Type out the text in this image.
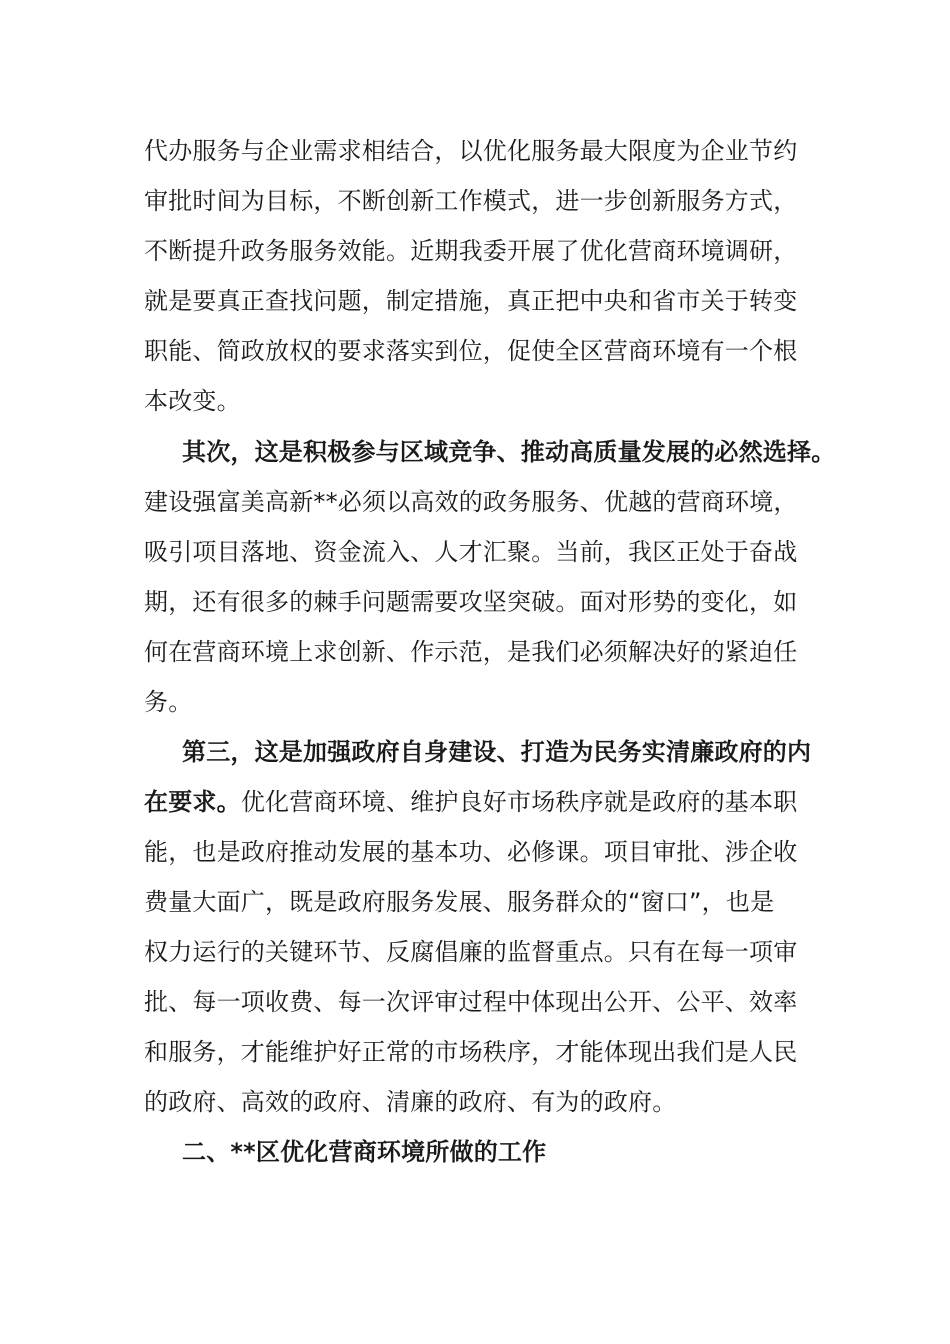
代办服务与企业需求相结合，以优化服务最大限度为企业节约
审批时间为目标，不断创新工作模式，进一步创新服务方式，
不断提升政务服务效能。近期我委开展了优化营商环境调研，
就是要真正查找问题，制定措施，真正把中央和省市关于转变
职能、简政放权的要求落实到位，促使全区营商环境有一个根
本改变。
其次，这是积极参与区域竞争、推动高质量发展的必然选择。
建设强富美高新**必须以高效的政务服务、优越的营商环境，
吸引项目落地、资金流入、人才汇聚。当前，我区正处于奋战
期，还有很多的棘手问题需要攻坚突破。面对形势的变化，如
何在营商环境上求创新、作示范，是我们必须解决好的紧迫任
务。
第三，这是加强政府自身建设、打造为民务实清廉政府的内
在要求。优化营商环境、维护良好市场秩序就是政府的基本职
能，也是政府推动发展的基本功、必修课。项目审批、涉企收
费量大面广，既是政府服务发展、服务群众的“窗口”，也是
权力运行的关键环节、反腐倡廉的监督重点。只有在每一项审
批、每一项收费、每一次评审过程中体现出公开、公平、效率
和服务，才能维护好正常的市场秩序，才能体现出我们是人民
的政府、高效的政府、清廉的政府、有为的政府。
二、**区优化营商环境所做的工作
